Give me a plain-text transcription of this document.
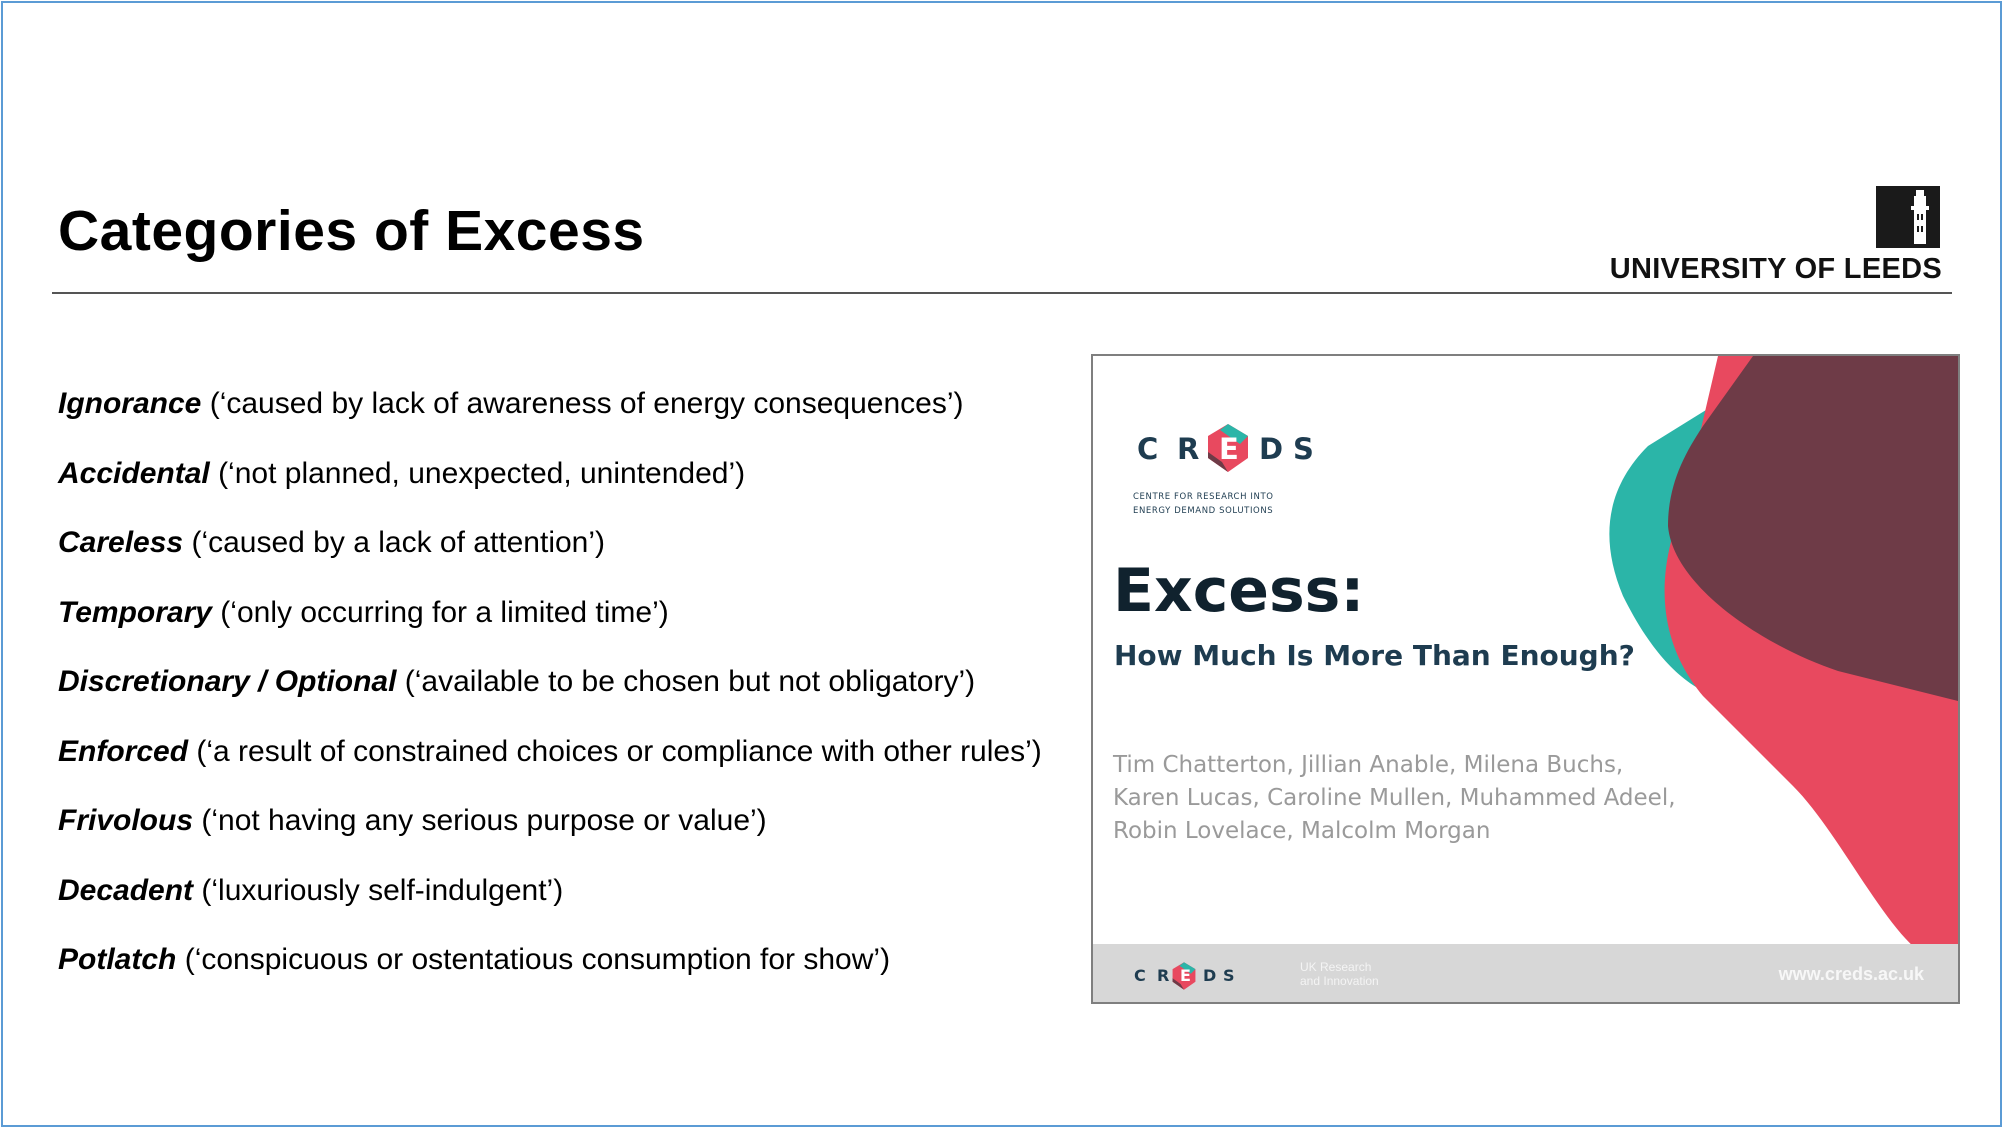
Categories of Excess
UNIVERSITY OF LEEDS
Ignorance (‘caused by lack of awareness of energy consequences’)
Accidental (‘not planned, unexpected, unintended’)
Careless (‘caused by a lack of attention’)
Temporary (‘only occurring for a limited time’)
Discretionary / Optional (‘available to be chosen but not obligatory’)
Enforced (‘a result of constrained choices or compliance with other rules’)
Frivolous (‘not having any serious purpose or value’)
Decadent (‘luxuriously self-indulgent’)
Potlatch (‘conspicuous or ostentatious consumption for show’)
C R E D S
CENTRE FOR RESEARCH INTO
ENERGY DEMAND SOLUTIONS
Excess:
How Much Is More Than Enough?
Tim Chatterton, Jillian Anable, Milena Buchs,
Karen Lucas, Caroline Mullen, Muhammed Adeel,
Robin Lovelace, Malcolm Morgan
C R E D S	UK Research
and Innovation	www.creds.ac.uk
